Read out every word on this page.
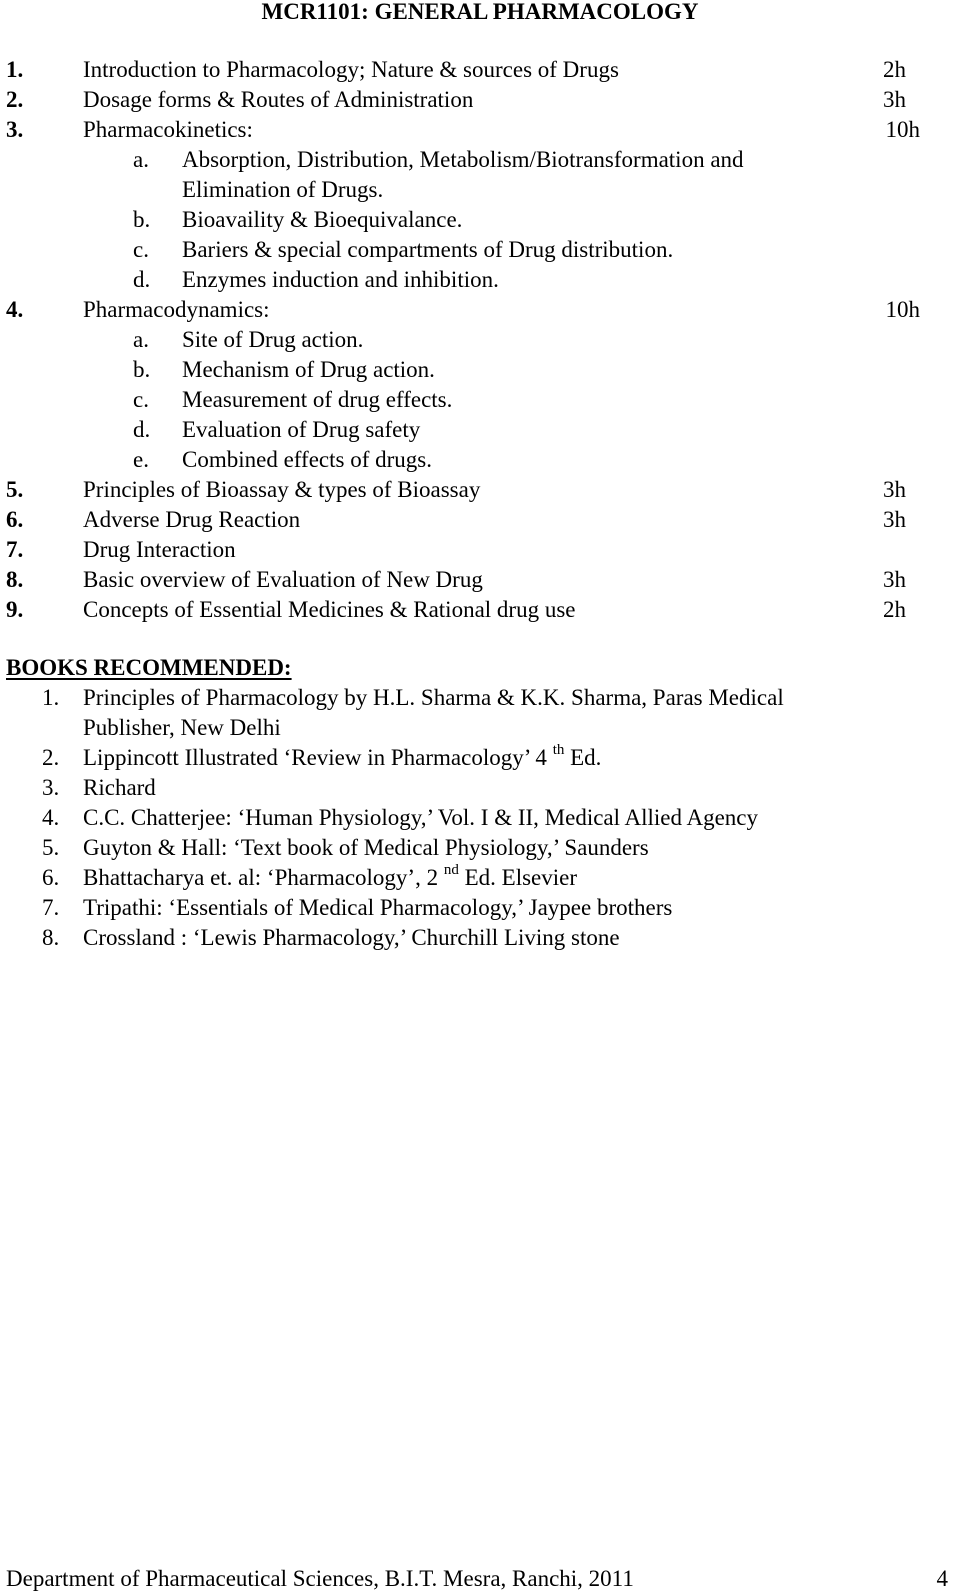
MCR1101: GENERAL PHARMACOLOGY
1.	Introduction to Pharmacology; Nature & sources of Drugs	2h
2.	Dosage forms & Routes of Administration	3h
3.	Pharmacokinetics:	10h
a. Absorption, Distribution, Metabolism/Biotransformation and
Elimination of Drugs.
b. Bioavaility & Bioequivalance.
c. Bariers & special compartments of Drug distribution.
d. Enzymes induction and inhibition.
4.	Pharmacodynamics:	10h
a. Site of Drug action.
b. Mechanism of Drug action.
c. Measurement of drug effects.
d. Evaluation of Drug safety
e. Combined effects of drugs.
5.	Principles of Bioassay & types of Bioassay	3h
6.	Adverse Drug Reaction	3h
7.	Drug Interaction
8.	Basic overview of Evaluation of New Drug	3h
9.	Concepts of Essential Medicines & Rational drug use	2h
BOOKS RECOMMENDED:
1. Principles of Pharmacology by H.L. Sharma & K.K. Sharma, Paras Medical
Publisher, New Delhi
2. Lippincott Illustrated ‘Review in Pharmacology’ 4 $^{th}$ Ed.
3. Richard
4. C.C. Chatterjee: ‘Human Physiology,’ Vol. I & II, Medical Allied Agency
5. Guyton & Hall: ‘Text book of Medical Physiology,’ Saunders
6. Bhattacharya et. al: ‘Pharmacology’, 2 $^{nd}$ Ed. Elsevier
7. Tripathi: ‘Essentials of Medical Pharmacology,’ Jaypee brothers
8. Crossland : ‘Lewis Pharmacology,’ Churchill Living stone
Department of Pharmaceutical Sciences, B.I.T. Mesra, Ranchi, 2011	4
